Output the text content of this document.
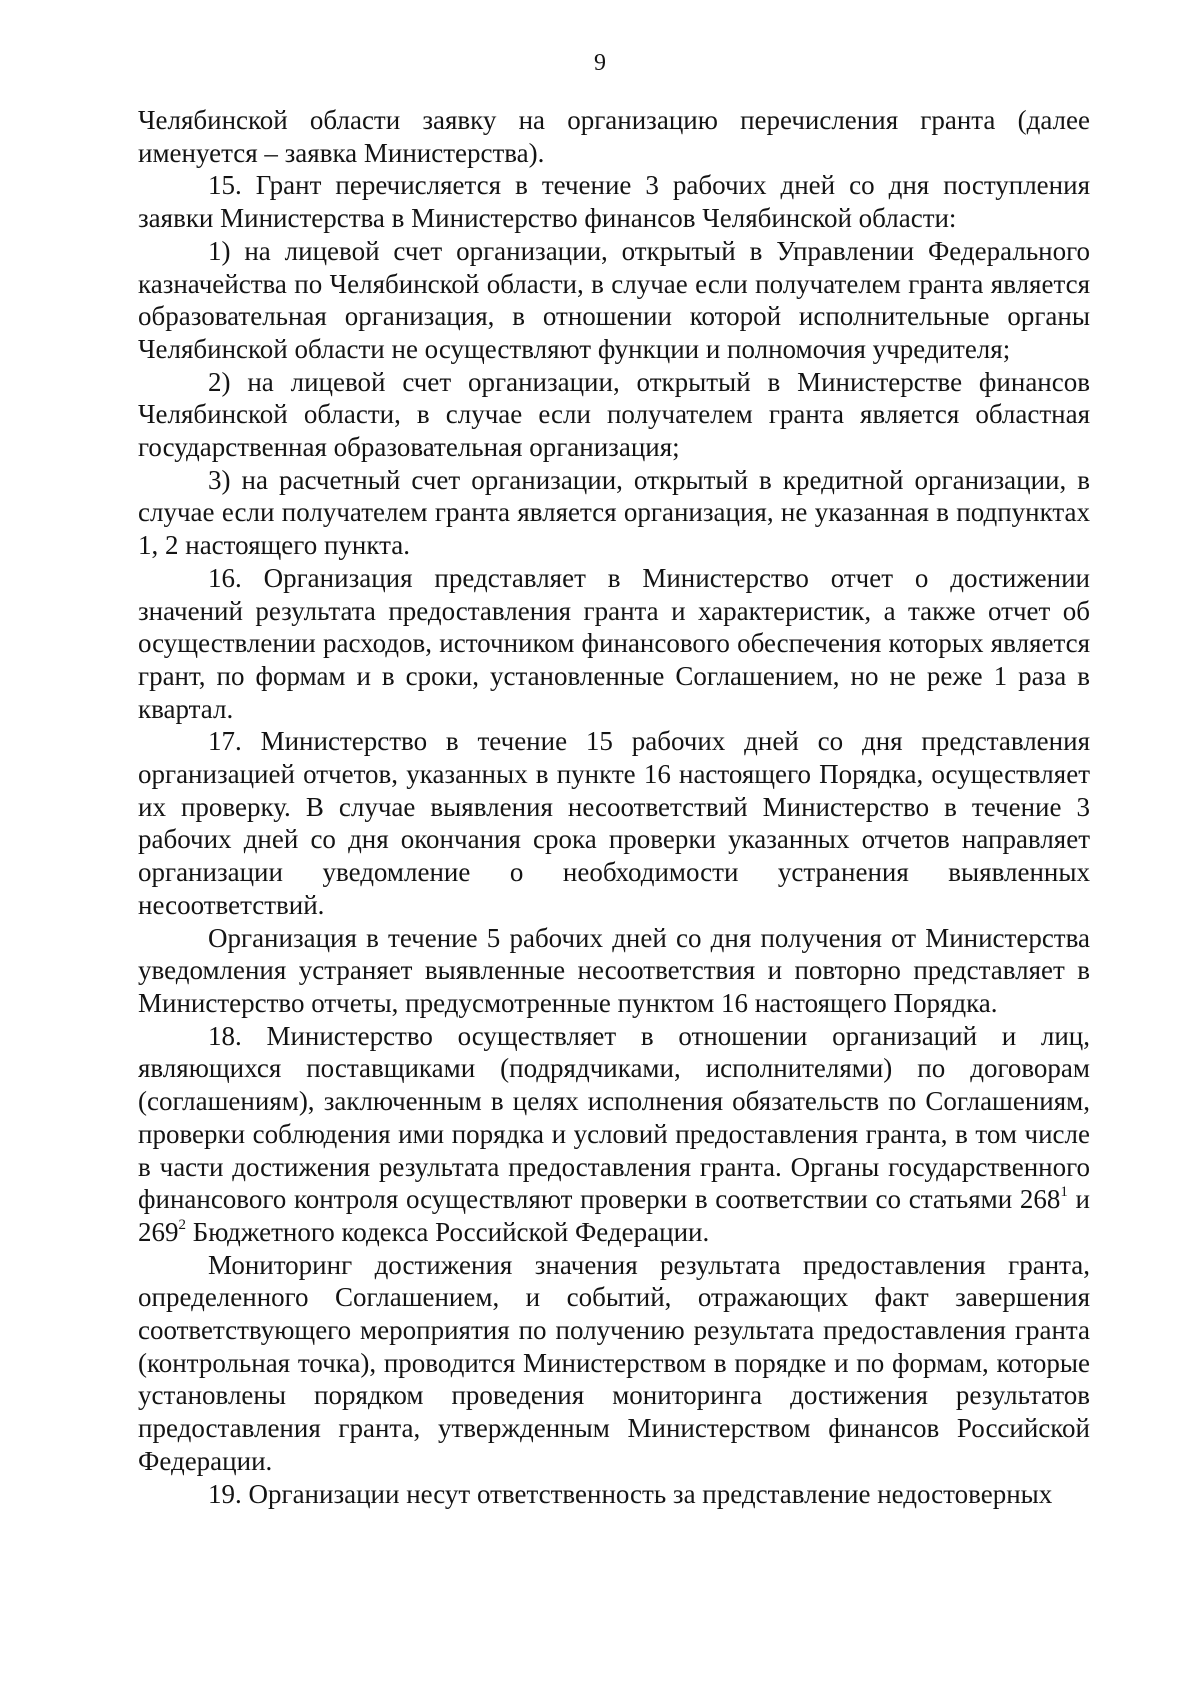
9

Челябинской области заявку на организацию перечисления гранта (далее именуется – заявка Министерства).

15. Грант перечисляется в течение 3 рабочих дней со дня поступления заявки Министерства в Министерство финансов Челябинской области:

1) на лицевой счет организации, открытый в Управлении Федерального казначейства по Челябинской области, в случае если получателем гранта является образовательная организация, в отношении которой исполнительные органы Челябинской области не осуществляют функции и полномочия учредителя;

2) на лицевой счет организации, открытый в Министерстве финансов Челябинской области, в случае если получателем гранта является областная государственная образовательная организация;

3) на расчетный счет организации, открытый в кредитной организации, в случае если получателем гранта является организация, не указанная в подпунктах 1, 2 настоящего пункта.

16. Организация представляет в Министерство отчет о достижении значений результата предоставления гранта и характеристик, а также отчет об осуществлении расходов, источником финансового обеспечения которых является грант, по формам и в сроки, установленные Соглашением, но не реже 1 раза в квартал.

17. Министерство в течение 15 рабочих дней со дня представления организацией отчетов, указанных в пункте 16 настоящего Порядка, осуществляет их проверку. В случае выявления несоответствий Министерство в течение 3 рабочих дней со дня окончания срока проверки указанных отчетов направляет организации уведомление о необходимости устранения выявленных несоответствий.

Организация в течение 5 рабочих дней со дня получения от Министерства уведомления устраняет выявленные несоответствия и повторно представляет в Министерство отчеты, предусмотренные пунктом 16 настоящего Порядка.

18. Министерство осуществляет в отношении организаций и лиц, являющихся поставщиками (подрядчиками, исполнителями) по договорам (соглашениям), заключенным в целях исполнения обязательств по Соглашениям, проверки соблюдения ими порядка и условий предоставления гранта, в том числе в части достижения результата предоставления гранта. Органы государственного финансового контроля осуществляют проверки в соответствии со статьями $268^1$ и $269^2$ Бюджетного кодекса Российской Федерации.

Мониторинг достижения значения результата предоставления гранта, определенного Соглашением, и событий, отражающих факт завершения соответствующего мероприятия по получению результата предоставления гранта (контрольная точка), проводится Министерством в порядке и по формам, которые установлены порядком проведения мониторинга достижения результатов предоставления гранта, утвержденным Министерством финансов Российской Федерации.

19. Организации несут ответственность за представление недостоверных
